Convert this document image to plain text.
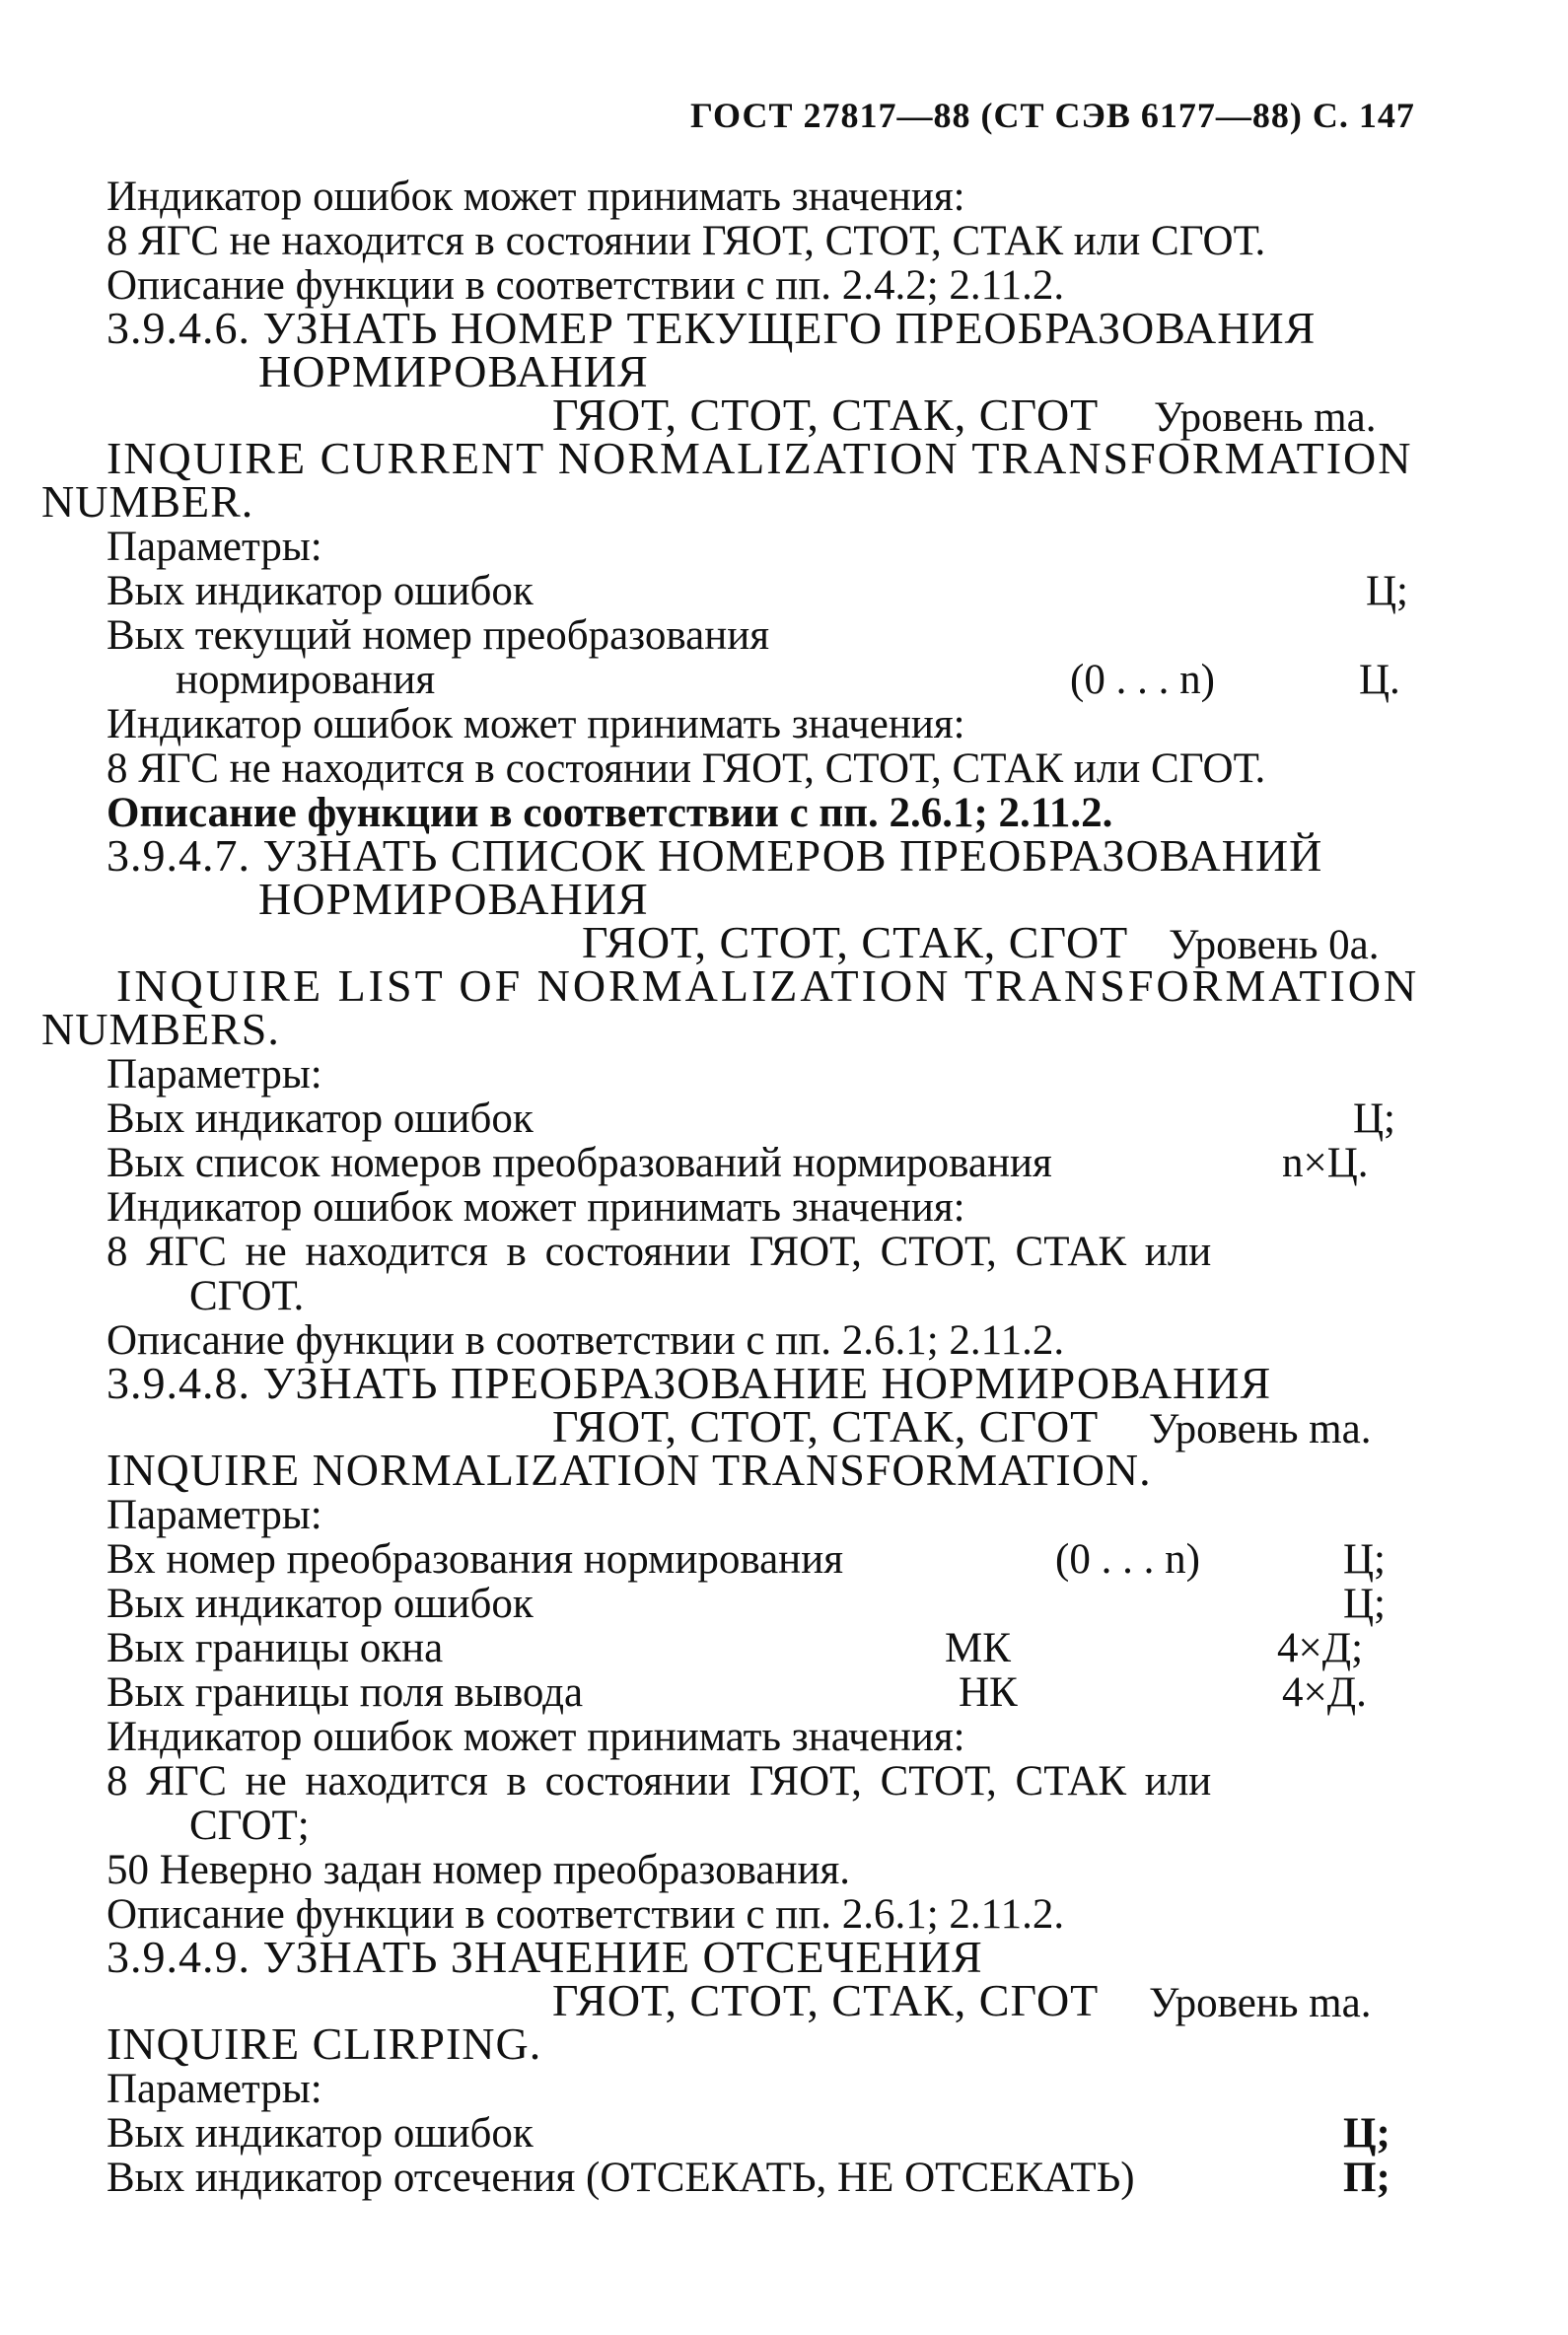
ГОСТ 27817—88 (СТ СЭВ 6177—88) С. 147
Индикатор ошибок может принимать значения:
8 ЯГС не находится в состоянии ГЯОТ, СТОТ, СТАК или СГОТ.
Описание функции в соответствии с пп. 2.4.2; 2.11.2.
3.9.4.6. УЗНАТЬ НОМЕР ТЕКУЩЕГО ПРЕОБРАЗОВАНИЯ
НОРМИРОВАНИЯ
ГЯОТ, СТОТ, СТАК, СГОТ Уровень ma.
INQUIRE CURRENT NORMALIZATION TRANSFORMATION
NUMBER.
Параметры:
Вых индикатор ошибок	Ц;
Вых текущий номер преобразования
нормирования	(0 . . . n)	Ц.
Индикатор ошибок может принимать значения:
8 ЯГС не находится в состоянии ГЯОТ, СТОТ, СТАК или СГОТ.
Описание функции в соответствии с пп. 2.6.1; 2.11.2.
3.9.4.7. УЗНАТЬ СПИСОК НОМЕРОВ ПРЕОБРАЗОВАНИЙ
НОРМИРОВАНИЯ
ГЯОТ, СТОТ, СТАК, СГОТ Уровень 0a.
INQUIRE LIST OF NORMALIZATION TRANSFORMATION
NUMBERS.
Параметры:
Вых индикатор ошибок	Ц;
Вых список номеров преобразований нормирования	n×Ц.
Индикатор ошибок может принимать значения:
8 ЯГС не находится в состоянии ГЯОТ, СТОТ, СТАК или
СГОТ.
Описание функции в соответствии с пп. 2.6.1; 2.11.2.
3.9.4.8. УЗНАТЬ ПРЕОБРАЗОВАНИЕ НОРМИРОВАНИЯ
ГЯОТ, СТОТ, СТАК, СГОТ Уровень ma.
INQUIRE NORMALIZATION TRANSFORMATION.
Параметры:
Вх номер преобразования нормирования	(0 . . . n)	Ц;
Вых индикатор ошибок	Ц;
Вых границы окна	МК	4×Д;
Вых границы поля вывода	НК	4×Д.
Индикатор ошибок может принимать значения:
8 ЯГС не находится в состоянии ГЯОТ, СТОТ, СТАК или
СГОТ;
50 Неверно задан номер преобразования.
Описание функции в соответствии с пп. 2.6.1; 2.11.2.
3.9.4.9. УЗНАТЬ ЗНАЧЕНИЕ ОТСЕЧЕНИЯ
ГЯОТ, СТОТ, СТАК, СГОТ Уровень ma.
INQUIRE CLIRPING.
Параметры:
Вых индикатор ошибок	Ц;
Вых индикатор отсечения (ОТСЕКАТЬ, НЕ ОТСЕКАТЬ)	П;
